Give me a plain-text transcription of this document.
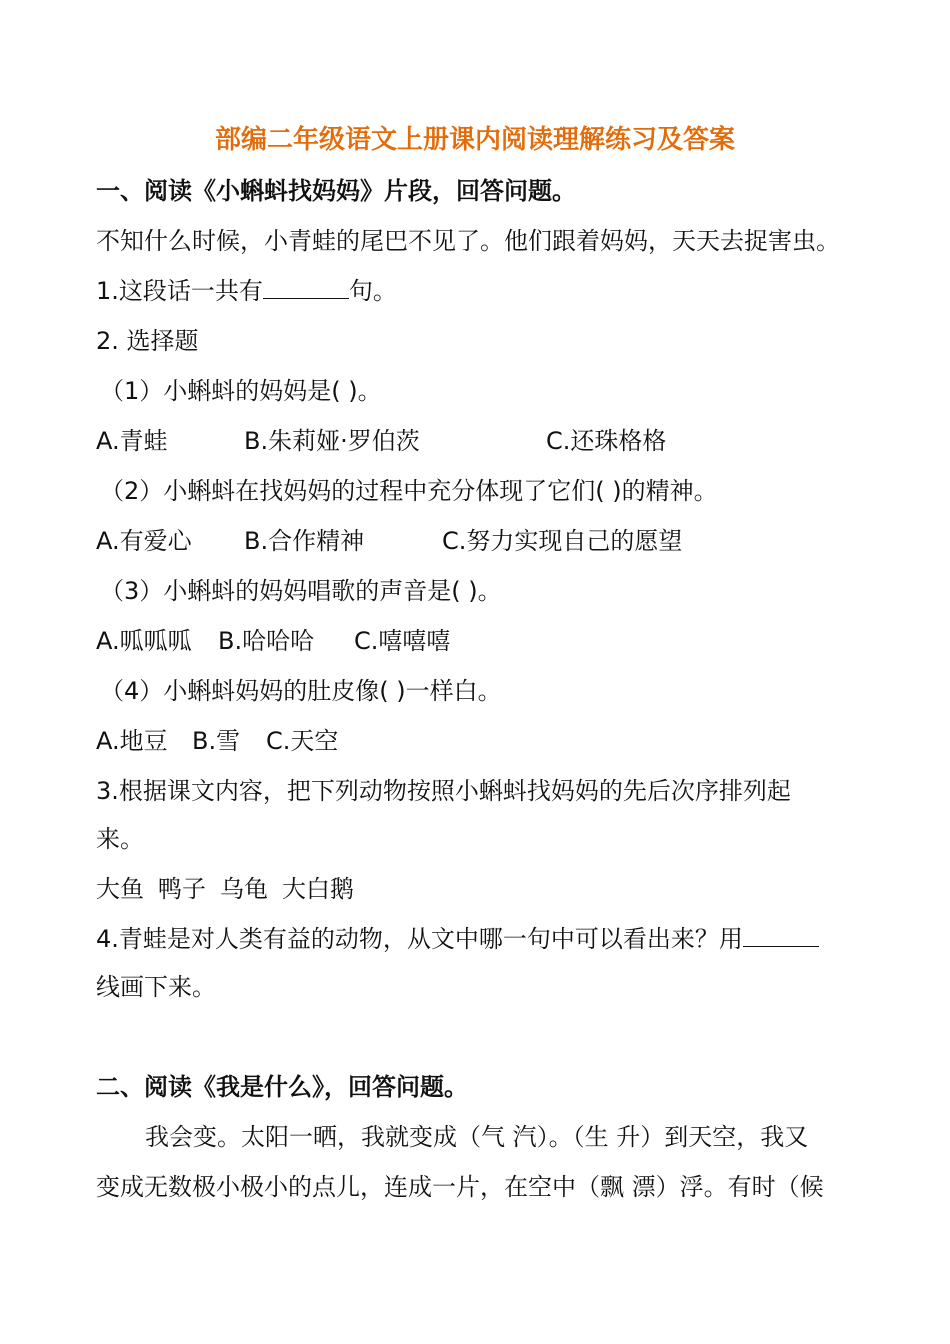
部编二年级语文上册课内阅读理解练习及答案
一、阅读《小蝌蚪找妈妈》片段，回答问题。
不知什么时候，小青蛙的尾巴不见了。他们跟着妈妈，天天去捉害虫。
1.这段话一共有	句。
2. 选择题
（1）小蝌蚪的妈妈是( )。
A.青蛙	B.朱莉娅·罗伯茨	C.还珠格格
（2）小蝌蚪在找妈妈的过程中充分体现了它们( )的精神。
A.有爱心 B.合作精神	C.努力实现自己的愿望
（3）小蝌蚪的妈妈唱歌的声音是( )。
A.呱呱呱 B.哈哈哈 C.嘻嘻嘻
（4）小蝌蚪妈妈的肚皮像( )一样白。
A.地豆 B.雪 C.天空
3.根据课文内容，把下列动物按照小蝌蚪找妈妈的先后次序排列起
来。
大鱼 鸭子 乌龟 大白鹅
4.青蛙是对人类有益的动物，从文中哪一句中可以看出来？用
线画下来。
二、阅读《我是什么》，回答问题。
我会变。太阳一晒，我就变成（气 汽）。（生 升）到天空，我又
变成无数极小极小的点儿，连成一片，在空中（飘 漂）浮。有时（候
